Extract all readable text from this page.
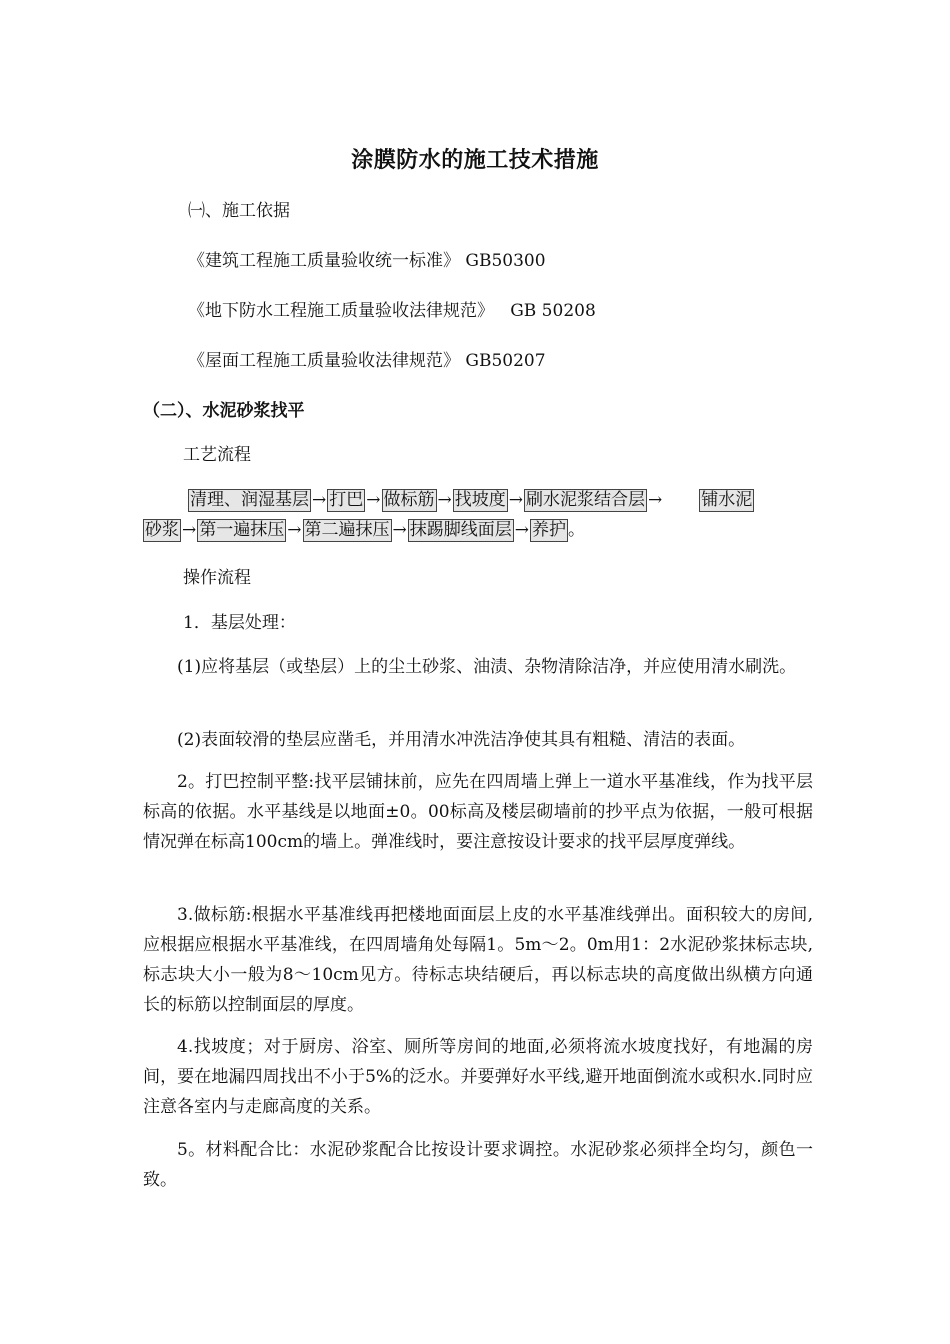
涂膜防水的施工技术措施
㈠、施工依据
《建筑工程施工质量验收统一标准》 GB50300
《地下防水工程施工质量验收法律规范》   GB 50208
《屋面工程施工质量验收法律规范》 GB50207
（二）、水泥砂浆找平
工艺流程
清理、润湿基层 → 打巴 → 做标筋 → 找坡度 → 刷水泥浆结合层 → 铺水泥
砂浆 → 第一遍抹压 → 第二遍抹压 → 抹踢脚线面层 → 养护 。
操作流程
1．基层处理：
(1)应将基层（或垫层）上的尘土砂浆、油渍、杂物清除洁净，并应使用清水刷洗。
(2)表面较滑的垫层应凿毛，并用清水冲洗洁净使其具有粗糙、清洁的表面。
2。打巴控制平整:找平层铺抹前，应先在四周墙上弹上一道水平基准线，作为找平层标高的依据。水平基线是以地面±0。00标高及楼层砌墙前的抄平点为依据，一般可根据情况弹在标高100cm的墙上。弹准线时，要注意按设计要求的找平层厚度弹线。
3.做标筋:根据水平基准线再把楼地面面层上皮的水平基准线弹出。面积较大的房间,应根据应根据水平基准线，在四周墙角处每隔1。5m～2。0m用1：2水泥砂浆抹标志块,标志块大小一般为8～10cm见方。待标志块结硬后，再以标志块的高度做出纵横方向通长的标筋以控制面层的厚度。
4.找坡度；对于厨房、浴室、厕所等房间的地面,必须将流水坡度找好，有地漏的房间，要在地漏四周找出不小于5%的泛水。并要弹好水平线,避开地面倒流水或积水.同时应注意各室内与走廊高度的关系。
5。材料配合比：水泥砂浆配合比按设计要求调控。水泥砂浆必须拌全均匀，颜色一致。
